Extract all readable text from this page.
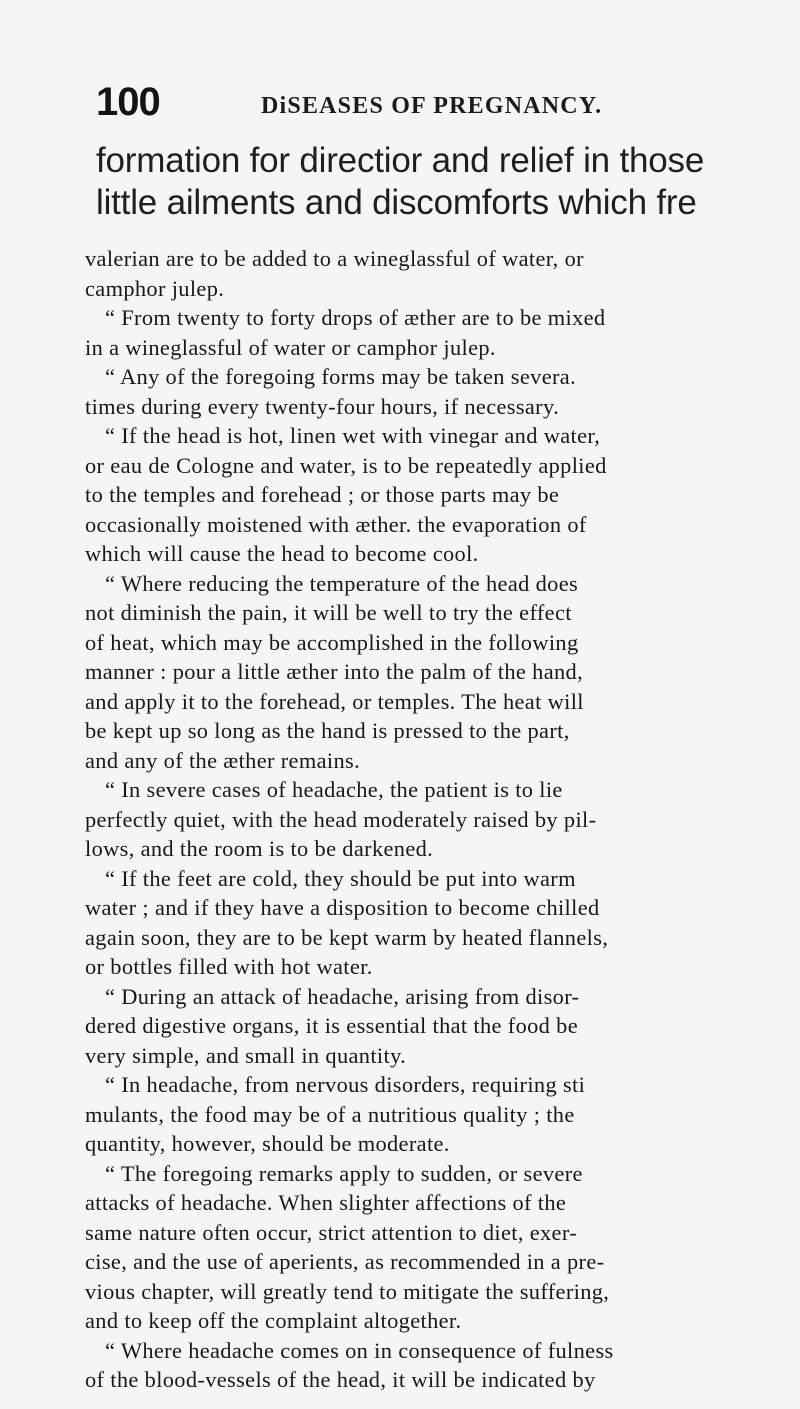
100	DiSEASES OF PREGNANCY.
formation for directior and relief in those
little ailments and discomforts which fre
valerian are to be added to a wineglassful of water, or
camphor julep.
“ From twenty to forty drops of æther are to be mixed
in a wineglassful of water or camphor julep.
“ Any of the foregoing forms may be taken severa.
times during every twenty-four hours, if necessary.
“ If the head is hot, linen wet with vinegar and water,
or eau de Cologne and water, is to be repeatedly applied
to the temples and forehead ; or those parts may be
occasionally moistened with æther. the evaporation of
which will cause the head to become cool.
“ Where reducing the temperature of the head does
not diminish the pain, it will be well to try the effect
of heat, which may be accomplished in the following
manner : pour a little æther into the palm of the hand,
and apply it to the forehead, or temples. The heat will
be kept up so long as the hand is pressed to the part,
and any of the æther remains.
“ In severe cases of headache, the patient is to lie
perfectly quiet, with the head moderately raised by pil-
lows, and the room is to be darkened.
“ If the feet are cold, they should be put into warm
water ; and if they have a disposition to become chilled
again soon, they are to be kept warm by heated flannels,
or bottles filled with hot water.
“ During an attack of headache, arising from disor-
dered digestive organs, it is essential that the food be
very simple, and small in quantity.
“ In headache, from nervous disorders, requiring sti
mulants, the food may be of a nutritious quality ; the
quantity, however, should be moderate.
“ The foregoing remarks apply to sudden, or severe
attacks of headache. When slighter affections of the
same nature often occur, strict attention to diet, exer-
cise, and the use of aperients, as recommended in a pre-
vious chapter, will greatly tend to mitigate the suffering,
and to keep off the complaint altogether.
“ Where headache comes on in consequence of fulness
of the blood-vessels of the head, it will be indicated by
